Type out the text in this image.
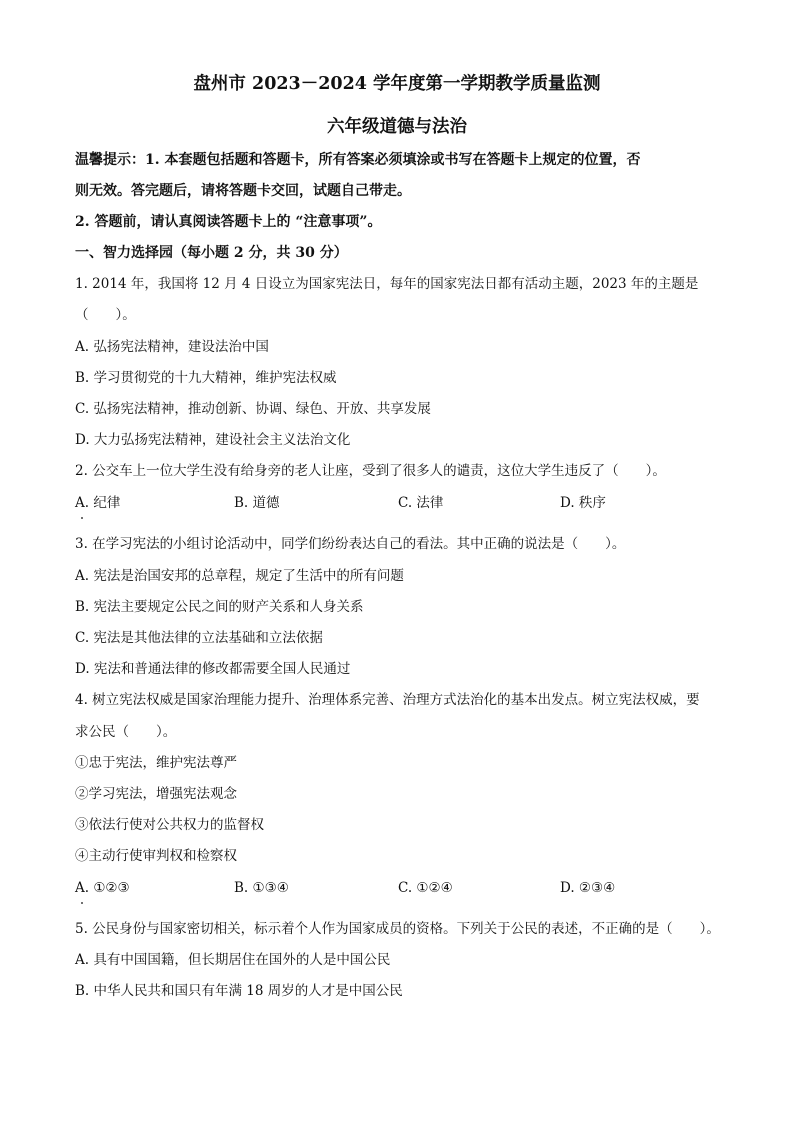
盘州市 2023－2024 学年度第一学期教学质量监测
六年级道德与法治
温馨提示：1. 本套题包括题和答题卡，所有答案必须填涂或书写在答题卡上规定的位置，否
则无效。答完题后，请将答题卡交回，试题自己带走。
2. 答题前，请认真阅读答题卡上的 “注意事项”。
一、智力选择园（每小题 2 分，共 30 分）
1. 2014 年，我国将 12 月 4 日设立为国家宪法日，每年的国家宪法日都有活动主题，2023 年的主题是
（　　）。
A. 弘扬宪法精神，建设法治中国
B. 学习贯彻党的十九大精神，维护宪法权威
C. 弘扬宪法精神，推动创新、协调、绿色、开放、共享发展
D. 大力弘扬宪法精神，建设社会主义法治文化
2. 公交车上一位大学生没有给身旁的老人让座，受到了很多人的谴责，这位大学生违反了（　　）。
A. 纪律	B. 道德	C. 法律	D. 秩序
3. 在学习宪法的小组讨论活动中，同学们纷纷表达自己的看法。其中正确的说法是（　　）。
A. 宪法是治国安邦的总章程，规定了生活中的所有问题
B. 宪法主要规定公民之间的财产关系和人身关系
C. 宪法是其他法律的立法基础和立法依据
D. 宪法和普通法律的修改都需要全国人民通过
4. 树立宪法权威是国家治理能力提升、治理体系完善、治理方式法治化的基本出发点。树立宪法权威，要
求公民（　　）。
①忠于宪法，维护宪法尊严
②学习宪法，增强宪法观念
③依法行使对公共权力的监督权
④主动行使审判权和检察权
A. ①②③	B. ①③④	C. ①②④	D. ②③④
5. 公民身份与国家密切相关，标示着个人作为国家成员的资格。下列关于公民的表述，不正确的是（　　）。
A. 具有中国国籍，但长期居住在国外的人是中国公民
B. 中华人民共和国只有年满 18 周岁的人才是中国公民
